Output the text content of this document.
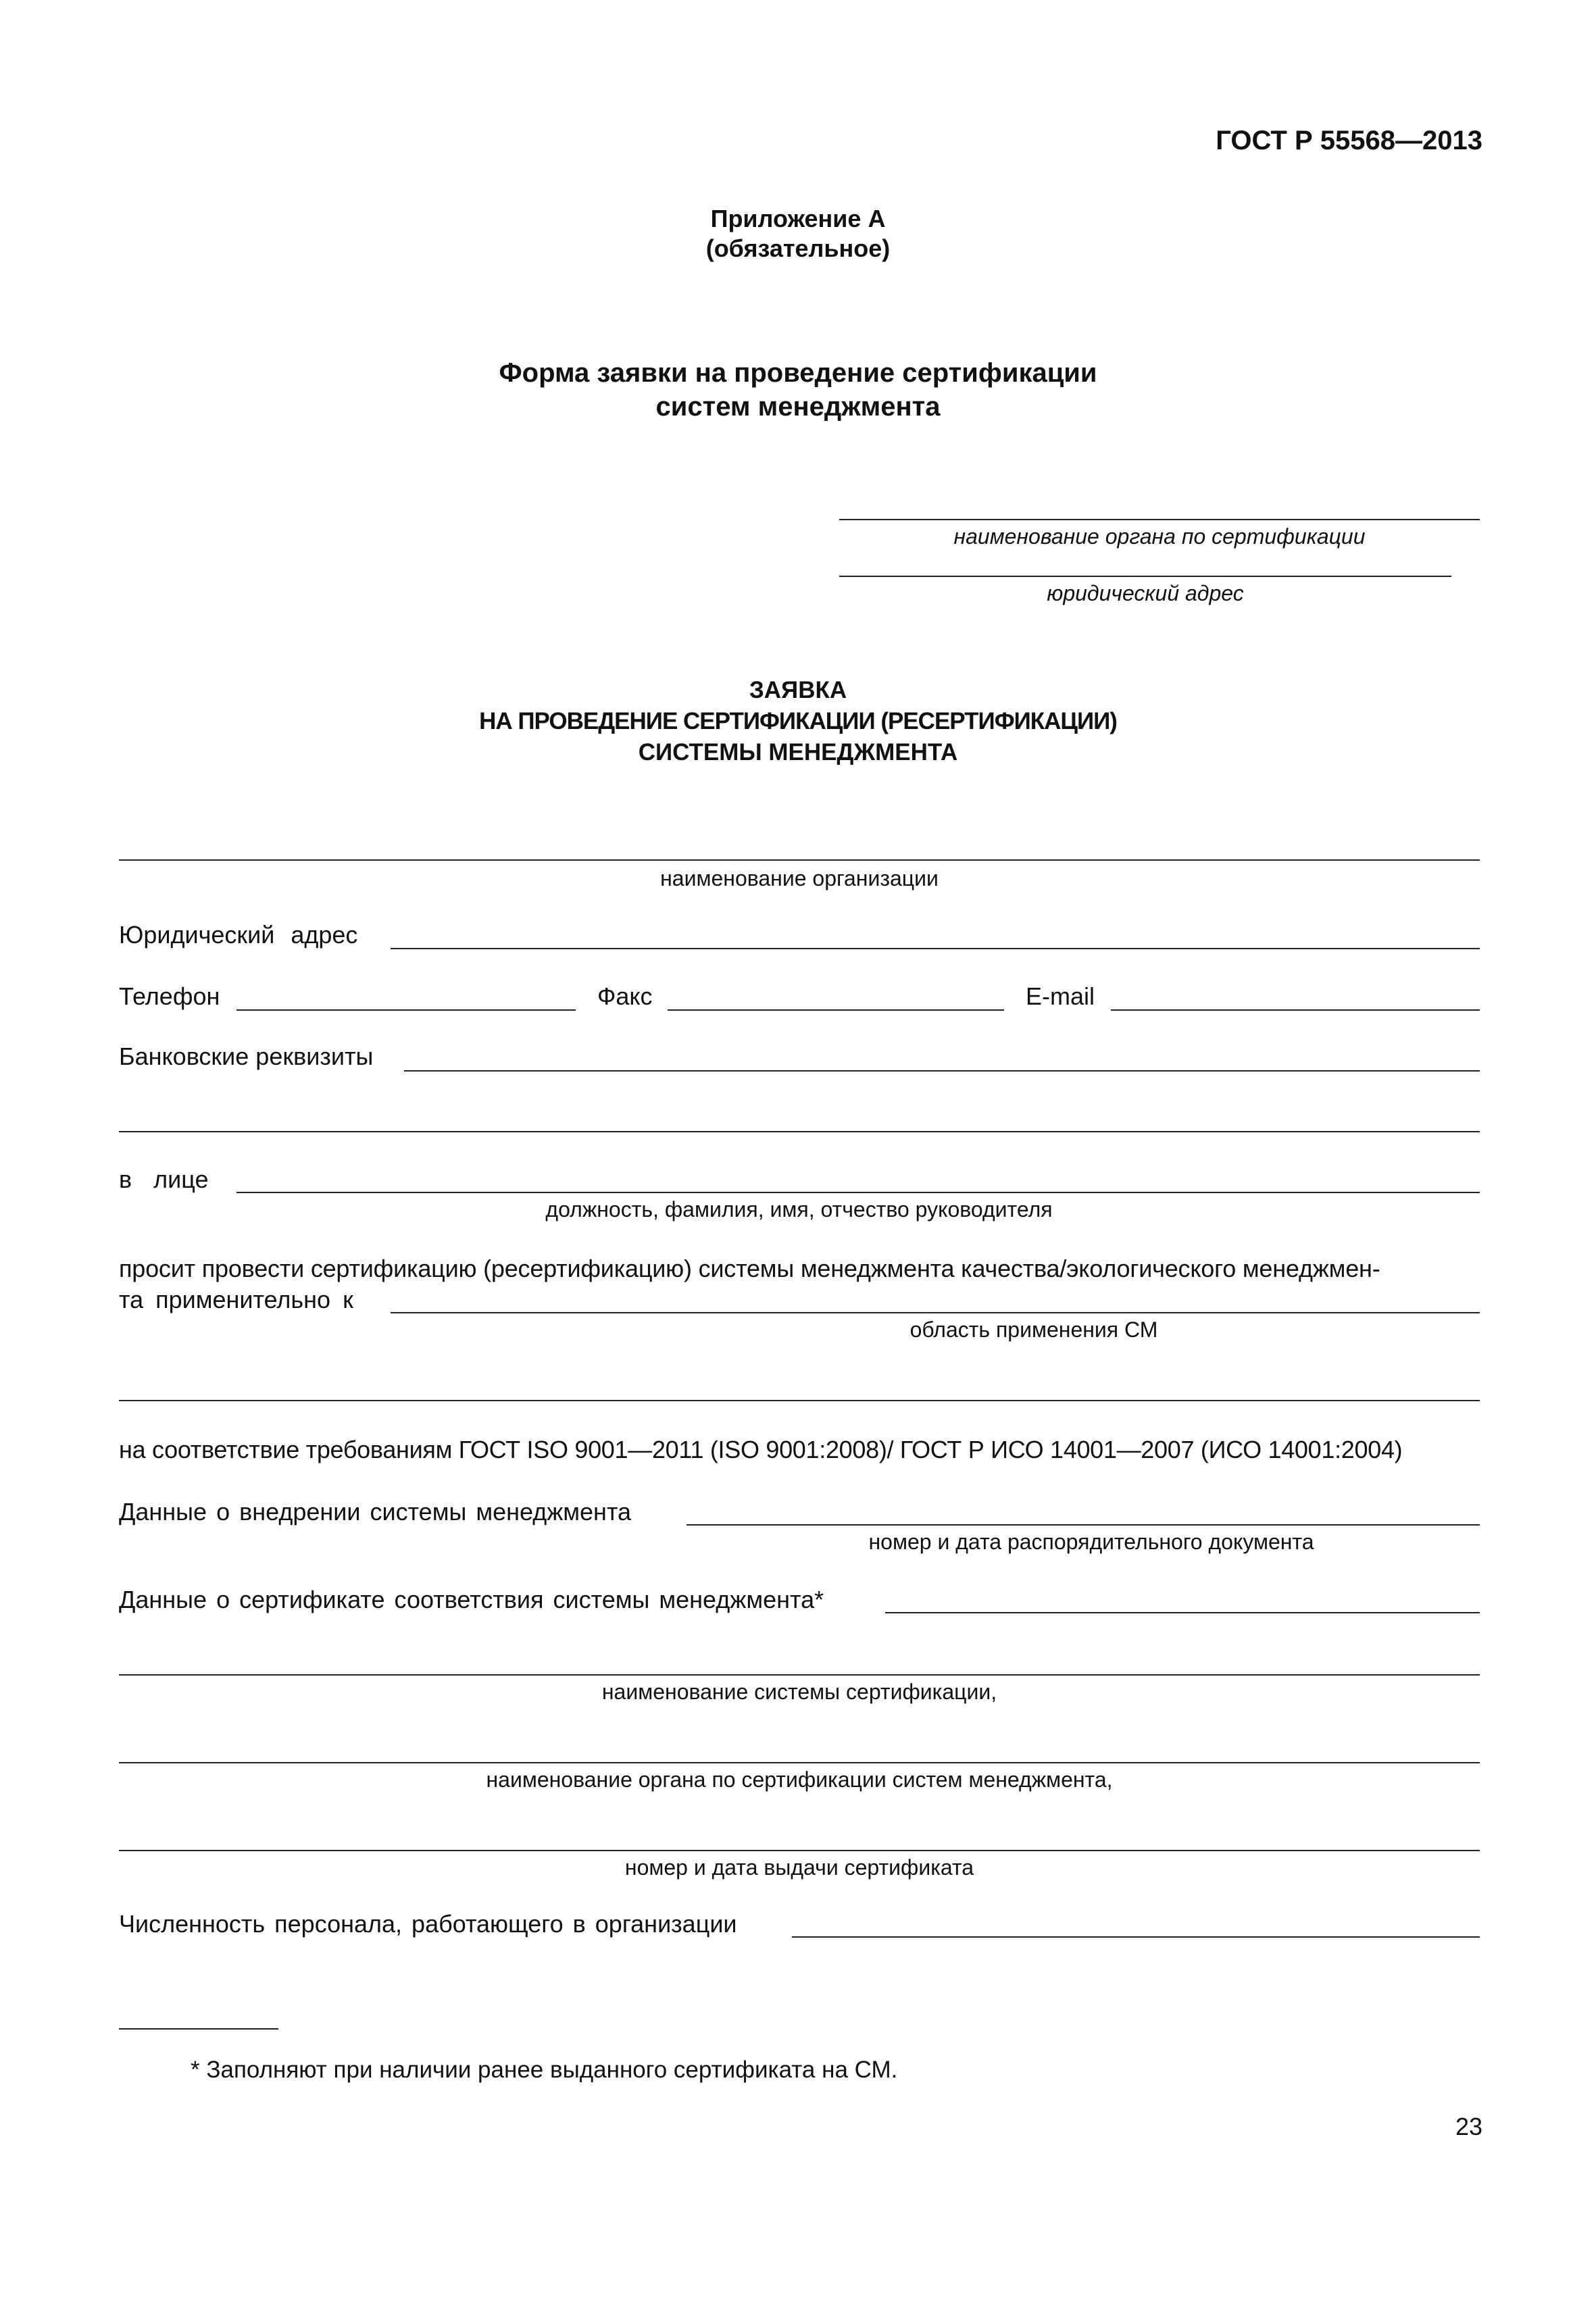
ГОСТ Р 55568—2013
Приложение А
(обязательное)
Форма заявки на проведение сертификации
систем менеджмента
наименование органа по сертификации
юридический адрес
ЗАЯВКА
НА ПРОВЕДЕНИЕ СЕРТИФИКАЦИИ (РЕСЕРТИФИКАЦИИ)
СИСТЕМЫ МЕНЕДЖМЕНТА
наименование организации
Юридический адрес
Телефон	Факс	E-mail
Банковские реквизиты
в лице
должность, фамилия, имя, отчество руководителя
просит провести сертификацию (ресертификацию) системы менеджмента качества/экологического менеджмен-
та применительно к
область применения СМ
на соответствие требованиям ГОСТ ISO 9001—2011 (ISO 9001:2008)/ ГОСТ Р ИСО 14001—2007 (ИСО 14001:2004)
Данные о внедрении системы менеджмента
номер и дата распорядительного документа
Данные о сертификате соответствия системы менеджмента*
наименование системы сертификации,
наименование органа по сертификации систем менеджмента,
номер и дата выдачи сертификата
Численность персонала, работающего в организации
* Заполняют при наличии ранее выданного сертификата на СМ.
23
